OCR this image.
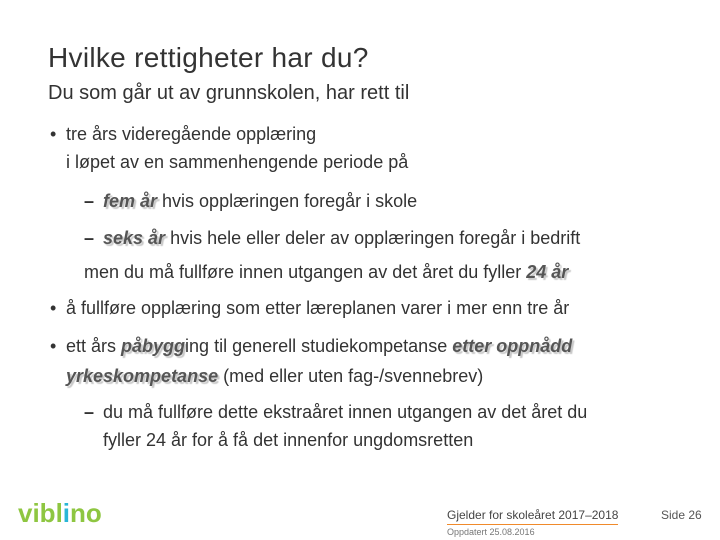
Hvilke rettigheter har du?
Du som går ut av grunnskolen, har rett til
• tre års videregående opplæring
i løpet av en sammenhengende periode på
– fem år hvis opplæringen foregår i skole
– seks år hvis hele eller deler av opplæringen foregår i bedrift
men du må fullføre innen utgangen av det året du fyller 24 år
• å fullføre opplæring som etter læreplanen varer i mer enn tre år
• ett års påbygging til generell studiekompetanse etter oppnådd
yrkeskompetanse (med eller uten fag-/svennebrev)
– du må fullføre dette ekstraåret innen utgangen av det året du
fyller 24 år for å få det innenfor ungdomsretten
viblino	Gjelder for skoleåret 2017–2018
Oppdatert 25.08.2016
Side 26
